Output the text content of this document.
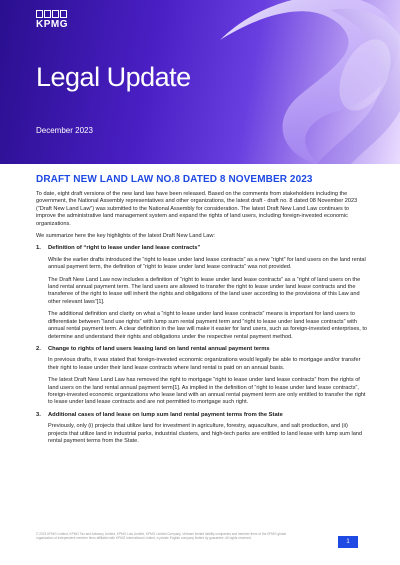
KPMG
Legal Update
December 2023
DRAFT NEW LAND LAW NO.8 DATED 8 NOVEMBER 2023

To date, eight draft versions of the new land law have been released. Based on the comments from stakeholders including the government, the National Assembly representatives and other organizations, the latest draft - draft no. 8 dated 08 November 2023 (“Draft New Land Law”) was submitted to the National Assembly for consideration. The latest Draft New Land Law continues to improve the administrative land management system and expand the rights of land users, including foreign-invested economic organizations.

We summarize here the key highlights of the latest Draft New Land Law:

1.	Definition of “right to lease under land lease contracts”

While the earlier drafts introduced the “right to lease under land lease contracts” as a new “right” for land users on the land rental annual payment term, the definition of “right to lease under land lease contracts” was not provided.

The Draft New Land Law now includes a definition of “right to lease under land lease contracts” as a “right of land users on the land rental annual payment term. The land users are allowed to transfer the right to lease under land lease contracts and the transferee of the right to lease will inherit the rights and obligations of the land user according to the provisions of this Law and other relevant laws”[1].

The additional definition and clarity on what a “right to lease under land lease contracts” means is important for land users to differentiate between “land use rights” with lump sum rental payment term and “right to lease under land lease contracts” with annual rental payment term. A clear definition in the law will make it easier for land users, such as foreign-invested enterprises, to determine and understand their rights and obligations under the respective rental payment method.

2.	Change to rights of land users leasing land on land rental annual payment terms

In previous drafts, it was stated that foreign-invested economic organizations would legally be able to mortgage and/or transfer their right to lease under their land lease contracts where land rental is paid on an annual basis.

The latest Draft New Land Law has removed the right to mortgage “right to lease under land lease contracts” from the rights of land users on the land rental annual payment term[1]. As implied in the definition of “right to lease under land lease contracts”, foreign-invested economic organizations who lease land with an annual rental payment term are only entitled to transfer the right to lease under land lease contracts and are not permitted to mortgage such right.

3.	Additional cases of land lease on lump sum land rental payment terms from the State

Previously, only (i) projects that utilize land for investment in agriculture, forestry, aquaculture, and salt production, and (ii) projects that utilize land in industrial parks, industrial clusters, and high-tech parks are entitled to land lease with lump sum land rental payment terms from the State.

© 2023 KPMG Limited, KPMG Tax and Advisory Limited, KPMG Law Limited, KPMG Limited Company, Vietnam limited liability companies and member firms of the KPMG global organization of independent member firms affiliated with KPMG International Limited, a private English company limited by guarantee. All rights reserved.
1
